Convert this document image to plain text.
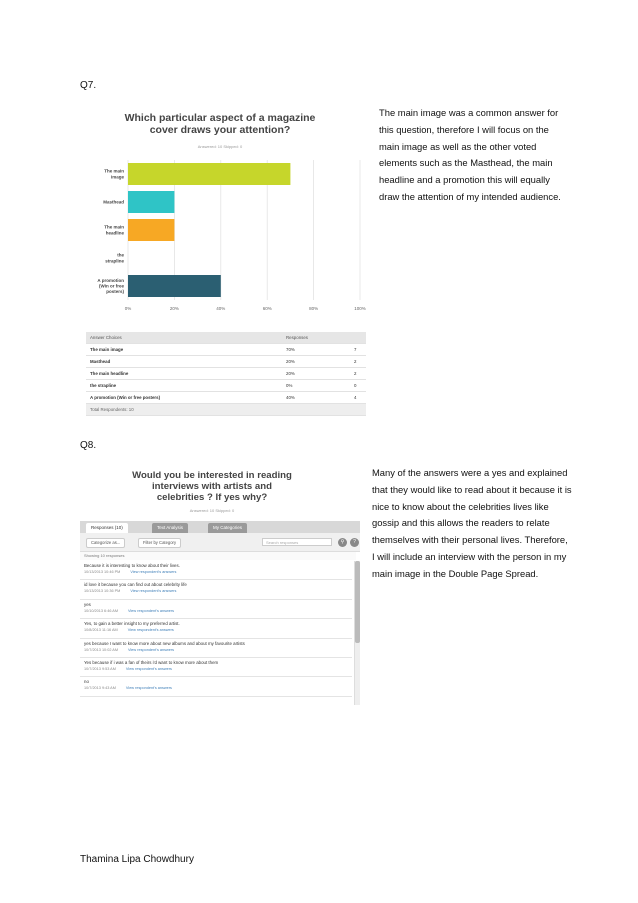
Q7.
Which particular aspect of a magazine cover draws your attention?
Answered: 10 Skipped: 0
0%	20%	40%	60%	80%	100%
The main image
Masthead
The main headline
the strapline
A promotion (Win or free posters)
The main image was a common answer for this question, therefore I will focus on the main image as well as the other voted elements such as the Masthead, the main headline and a promotion this will equally draw the attention of my intended audience.
Answer Choices	Responses	
The main image	70%	7
Masthead	20%	2
The main headline	20%	2
the strapline	0%	0
A promotion (Win or free posters)	40%	4
Total Respondents: 10		
Q8.
Would you be interested in reading interviews with artists and celebrities ? If yes why?
Answered: 10 Skipped: 0
Responses (10)	Text Analysis	My Categories
Categorize as...	Filter by Category	Search responses	⚲	?
Showing 10 responses
Because it is interesting to know about their lives.
10/13/2013 10:46 PM	View respondent's answers
id love it because you can find out about celebrity life
10/13/2013 10:36 PM	View respondent's answers
yes
10/10/2013 6:46 AM	View respondent's answers
Yes, to gain a better insight to my preferred artist.
10/8/2013 11:16 AM	View respondent's answers
yes because I want to know more about new albums and about my favourite artists
10/7/2013 10:02 AM	View respondent's answers
Yes because if i was a fan of theirs i'd want to know more about them
10/7/2013 9:53 AM	View respondent's answers
no
10/7/2013 9:43 AM	View respondent's answers
Many of the answers were a yes and explained that they would like to read about it because it is nice to know about the celebrities lives like gossip and this allows the readers to relate themselves with their personal lives. Therefore, I will include an interview with the person in my main image in the Double Page Spread.
Thamina Lipa Chowdhury
